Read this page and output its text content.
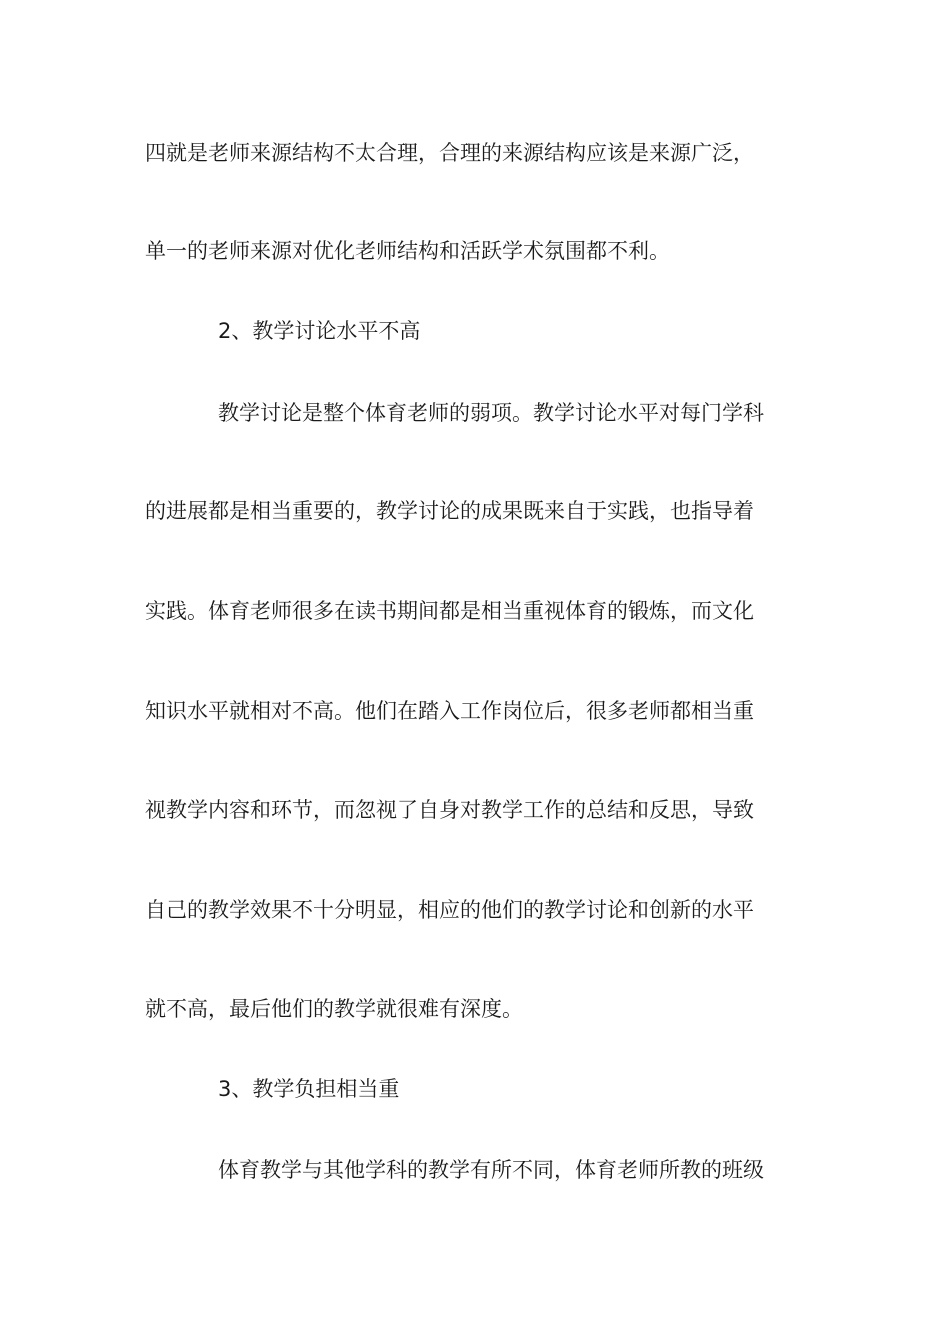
四就是老师来源结构不太合理，合理的来源结构应该是来源广泛，
单一的老师来源对优化老师结构和活跃学术氛围都不利。
2、教学讨论水平不高
教学讨论是整个体育老师的弱项。教学讨论水平对每门学科
的进展都是相当重要的，教学讨论的成果既来自于实践，也指导着
实践。体育老师很多在读书期间都是相当重视体育的锻炼，而文化
知识水平就相对不高。他们在踏入工作岗位后，很多老师都相当重
视教学内容和环节，而忽视了自身对教学工作的总结和反思，导致
自己的教学效果不十分明显，相应的他们的教学讨论和创新的水平
就不高，最后他们的教学就很难有深度。
3、教学负担相当重
体育教学与其他学科的教学有所不同，体育老师所教的班级
